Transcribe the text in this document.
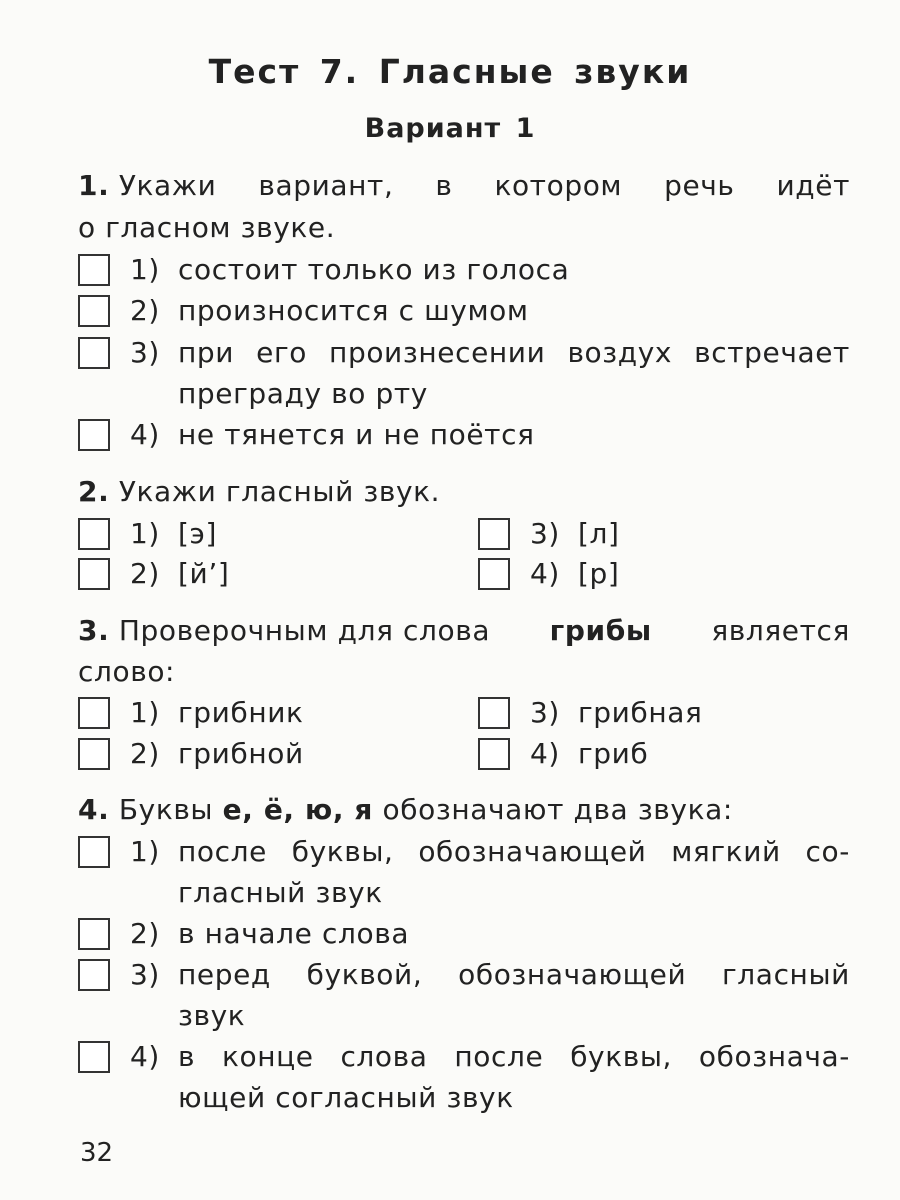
Тест 7. Гласные звуки
Вариант 1
1. Укажи вариант, в котором речь идёт
о гласном звуке.
1) состоит только из голоса
2) произносится с шумом
3) при его произнесении воздух встречает
преграду во рту
4) не тянется и не поётся
2. Укажи гласный звук.
1) [э]
2) [й’]
3) [л]
4) [р]
3. Проверочным для слова грибы является
слово:
1) грибник
2) грибной
3) грибная
4) гриб
4. Буквы е, ё, ю, я обозначают два звука:
1) после буквы, обозначающей мягкий со-
гласный звук
2) в начале слова
3) перед буквой, обозначающей гласный
звук
4) в конце слова после буквы, обознача-
ющей согласный звук
32
